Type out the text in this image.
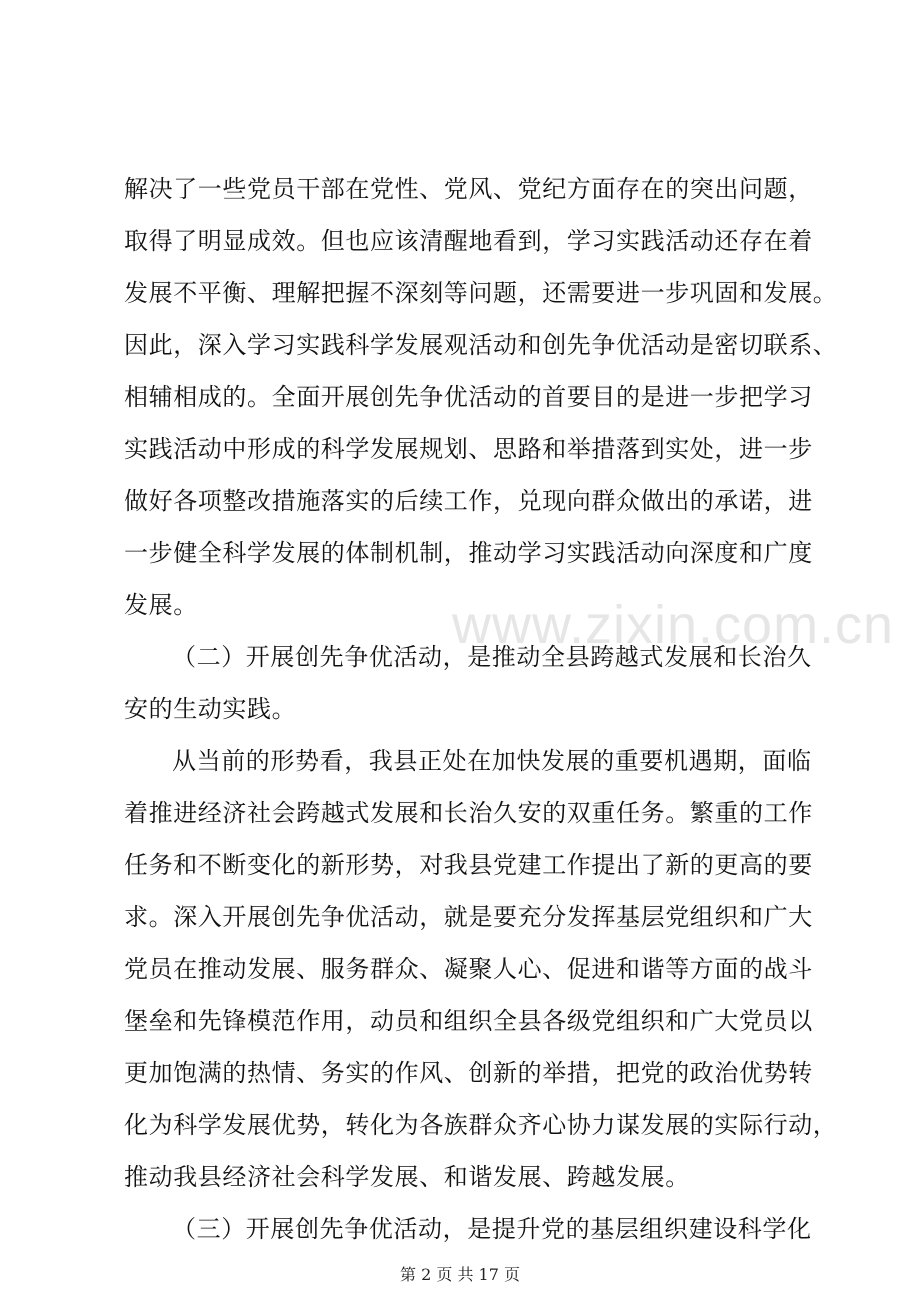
www.zixin.com.cn
解决了一些党员干部在党性、党风、党纪方面存在的突出问题，
取得了明显成效。但也应该清醒地看到，学习实践活动还存在着
发展不平衡、理解把握不深刻等问题，还需要进一步巩固和发展。
因此，深入学习实践科学发展观活动和创先争优活动是密切联系、
相辅相成的。全面开展创先争优活动的首要目的是进一步把学习
实践活动中形成的科学发展规划、思路和举措落到实处，进一步
做好各项整改措施落实的后续工作，兑现向群众做出的承诺，进
一步健全科学发展的体制机制，推动学习实践活动向深度和广度
发展。
（二）开展创先争优活动，是推动全县跨越式发展和长治久
安的生动实践。
从当前的形势看，我县正处在加快发展的重要机遇期，面临
着推进经济社会跨越式发展和长治久安的双重任务。繁重的工作
任务和不断变化的新形势，对我县党建工作提出了新的更高的要
求。深入开展创先争优活动，就是要充分发挥基层党组织和广大
党员在推动发展、服务群众、凝聚人心、促进和谐等方面的战斗
堡垒和先锋模范作用，动员和组织全县各级党组织和广大党员以
更加饱满的热情、务实的作风、创新的举措，把党的政治优势转
化为科学发展优势，转化为各族群众齐心协力谋发展的实际行动，
推动我县经济社会科学发展、和谐发展、跨越发展。
（三）开展创先争优活动，是提升党的基层组织建设科学化
第 2 页 共 17 页
